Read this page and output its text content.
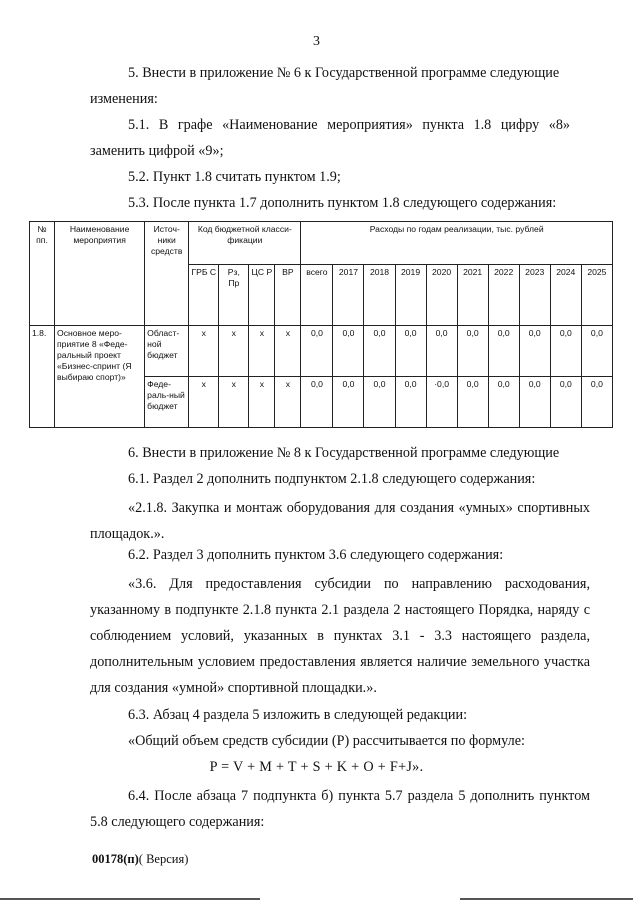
3
5. Внести в приложение № 6 к Государственной программе следующие
изменения:
5.1. В графе «Наименование мероприятия» пункта 1.8 цифру «8»
заменить цифрой «9»;
5.2. Пункт 1.8 считать пунктом 1.9;
5.3. После пункта 1.7 дополнить пунктом 1.8 следующего содержания:
№ пп.	Наименование мероприятия	Источ-ники средств	Код бюджетной класси-фикации				Расходы по годам реализации, тыс. рублей									
			ГРБ С	Рз, Пр	ЦС Р	ВР	всего	2017	2018	2019	2020	2021	2022	2023	2024	2025
1.8.	Основное меро-приятие 8 «Феде-ральный проект «Бизнес-спринт (Я выбираю спорт)»	Област-ной бюджет	x	x	x	x	0,0	0,0	0,0	0,0	0,0	0,0	0,0	0,0	0,0	0,0
		Феде-раль-ный бюджет	x	x	x	x	0,0	0,0	0,0	0,0	·0,0	0,0	0,0	0,0	0,0	0,0
6. Внести в приложение № 8 к Государственной программе следующие
6.1. Раздел 2 дополнить подпунктом 2.1.8 следующего содержания:
«2.1.8. Закупка и монтаж оборудования для создания «умных» спортивных площадок.».
6.2. Раздел 3 дополнить пунктом 3.6 следующего содержания:
«3.6. Для предоставления субсидии по направлению расходования, указанному в подпункте 2.1.8 пункта 2.1 раздела 2 настоящего Порядка, наряду с соблюдением условий, указанных в пунктах 3.1 - 3.3 настоящего раздела, дополнительным условием предоставления является наличие земельного участка для создания «умной» спортивной площадки.».
6.3. Абзац 4 раздела 5 изложить в следующей редакции:
«Общий объем средств субсидии (Р) рассчитывается по формуле:
P = V + M + T + S + K + O + F+J».
6.4. После абзаца 7 подпункта б) пункта 5.7 раздела 5 дополнить пунктом 5.8 следующего содержания:
00178(п)( Версия)
